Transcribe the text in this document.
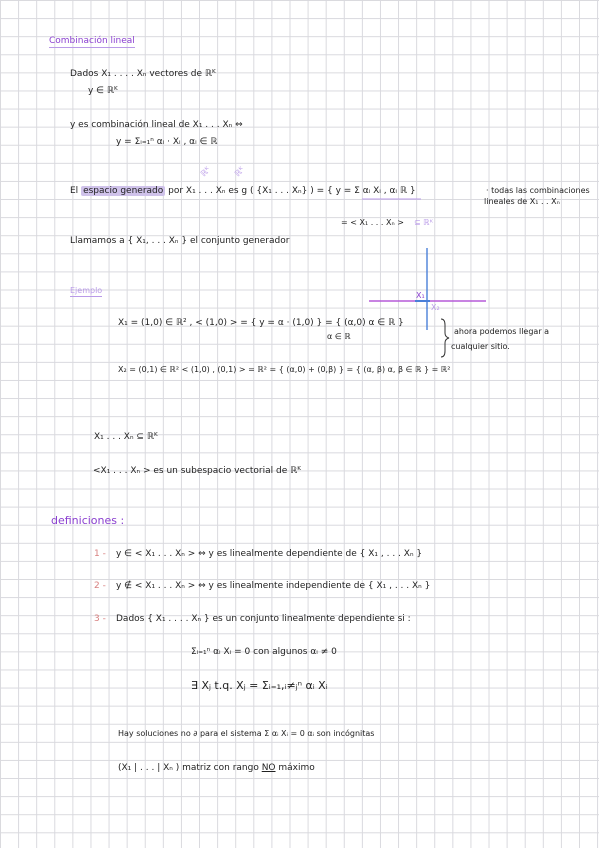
Combinación lineal
Dados X₁ . . . . Xₙ vectores de ℝᴷ
y ∈ ℝᴷ
y es combinación lineal de X₁ . . . Xₙ ⇔
y = Σᵢ₌₁ⁿ αᵢ · Xᵢ , αᵢ ∈ ℝ
ℝᴷ	ℝᴷ
El espacio generado por X₁ . . . Xₙ es g ( {X₁ . . . Xₙ} ) = { y = Σ αᵢ Xᵢ , αᵢ ℝ }	· todas las combinaciones
lineales de X₁ . . Xₙ
= < X₁ . . . Xₙ > ⊆ ℝᴷ
Llamamos a { X₁, . . . Xₙ } el conjunto generador
Ejemplo
X₁
X₂
X₁ = (1,0) ∈ ℝ² , < (1,0) > = { y = α · (1,0) } = { (α,0) α ∈ ℝ }
α ∈ ℝ
ahora podemos llegar a
cualquier sitio.
X₂ = (0,1) ∈ ℝ² < (1,0) , (0,1) > = ℝ² = { (α,0) + (0,β) } = { (α, β) α, β ∈ ℝ } = ℝ²
X₁ . . . Xₙ ⊆ ℝᴷ
<X₁ . . . Xₙ > es un subespacio vectorial de ℝᴷ
definiciones :
1 - y ∈ < X₁ . . . Xₙ > ⇔ y es linealmente dependiente de { X₁ , . . . Xₙ }
2 - y ∉ < X₁ . . . Xₙ > ⇔ y es linealmente independiente de { X₁ , . . . Xₙ }
3 - Dados { X₁ . . . . Xₙ } es un conjunto linealmente dependiente si :
Σᵢ₌₁ⁿ αᵢ Xᵢ = 0 con algunos αᵢ ≠ 0
∃ Xⱼ t.q. Xⱼ = Σᵢ₌₁,ᵢ≠ⱼⁿ αᵢ Xᵢ
Hay soluciones no ∂ para el sistema Σ αᵢ Xᵢ = 0 αᵢ son incógnitas
(X₁ | . . . | Xₙ ) matriz con rango NO máximo
